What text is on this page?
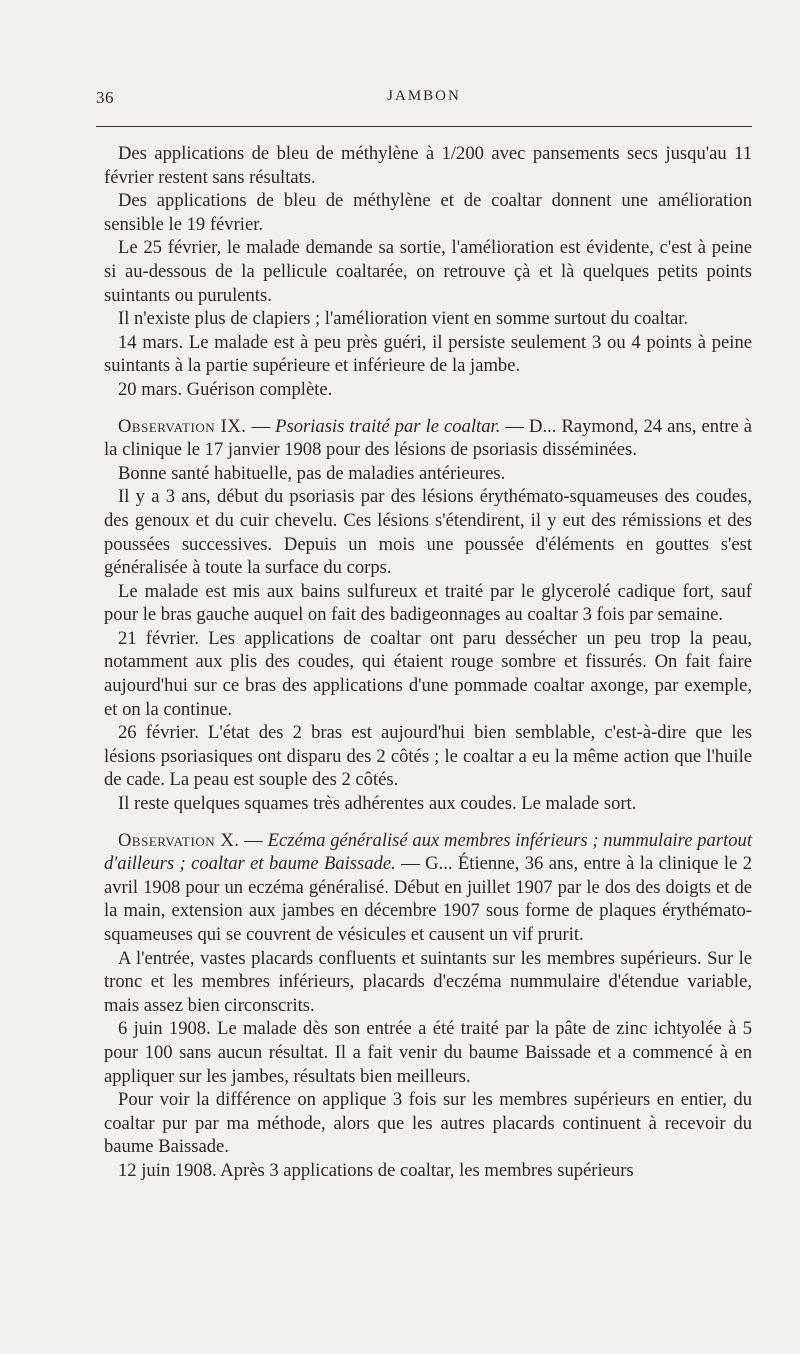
36	JAMBON

Des applications de bleu de méthylène à 1/200 avec pansements secs jusqu'au 11 février restent sans résultats.

Des applications de bleu de méthylène et de coaltar donnent une amélioration sensible le 19 février.

Le 25 février, le malade demande sa sortie, l'amélioration est évidente, c'est à peine si au-dessous de la pellicule coaltarée, on retrouve çà et là quelques petits points suintants ou purulents.

Il n'existe plus de clapiers ; l'amélioration vient en somme surtout du coaltar.

14 mars. Le malade est à peu près guéri, il persiste seulement 3 ou 4 points à peine suintants à la partie supérieure et inférieure de la jambe.

20 mars. Guérison complète.

Observation IX. — Psoriasis traité par le coaltar. — D... Raymond, 24 ans, entre à la clinique le 17 janvier 1908 pour des lésions de psoriasis disséminées.

Bonne santé habituelle, pas de maladies antérieures.

Il y a 3 ans, début du psoriasis par des lésions érythémato-squameuses des coudes, des genoux et du cuir chevelu. Ces lésions s'étendirent, il y eut des rémissions et des poussées successives. Depuis un mois une poussée d'éléments en gouttes s'est généralisée à toute la surface du corps.

Le malade est mis aux bains sulfureux et traité par le glycerolé cadique fort, sauf pour le bras gauche auquel on fait des badigeonnages au coaltar 3 fois par semaine.

21 février. Les applications de coaltar ont paru dessécher un peu trop la peau, notamment aux plis des coudes, qui étaient rouge sombre et fissurés. On fait faire aujourd'hui sur ce bras des applications d'une pommade coaltar axonge, par exemple, et on la continue.

26 février. L'état des 2 bras est aujourd'hui bien semblable, c'est-à-dire que les lésions psoriasiques ont disparu des 2 côtés ; le coaltar a eu la même action que l'huile de cade. La peau est souple des 2 côtés.

Il reste quelques squames très adhérentes aux coudes. Le malade sort.

Observation X. — Eczéma généralisé aux membres inférieurs ; nummulaire partout d'ailleurs ; coaltar et baume Baissade. — G... Étienne, 36 ans, entre à la clinique le 2 avril 1908 pour un eczéma généralisé. Début en juillet 1907 par le dos des doigts et de la main, extension aux jambes en décembre 1907 sous forme de plaques érythémato-squameuses qui se couvrent de vésicules et causent un vif prurit.

A l'entrée, vastes placards confluents et suintants sur les membres supérieurs. Sur le tronc et les membres inférieurs, placards d'eczéma nummulaire d'étendue variable, mais assez bien circonscrits.

6 juin 1908. Le malade dès son entrée a été traité par la pâte de zinc ichtyolée à 5 pour 100 sans aucun résultat. Il a fait venir du baume Baissade et a commencé à en appliquer sur les jambes, résultats bien meilleurs.

Pour voir la différence on applique 3 fois sur les membres supérieurs en entier, du coaltar pur par ma méthode, alors que les autres placards continuent à recevoir du baume Baissade.

12 juin 1908. Après 3 applications de coaltar, les membres supérieurs
